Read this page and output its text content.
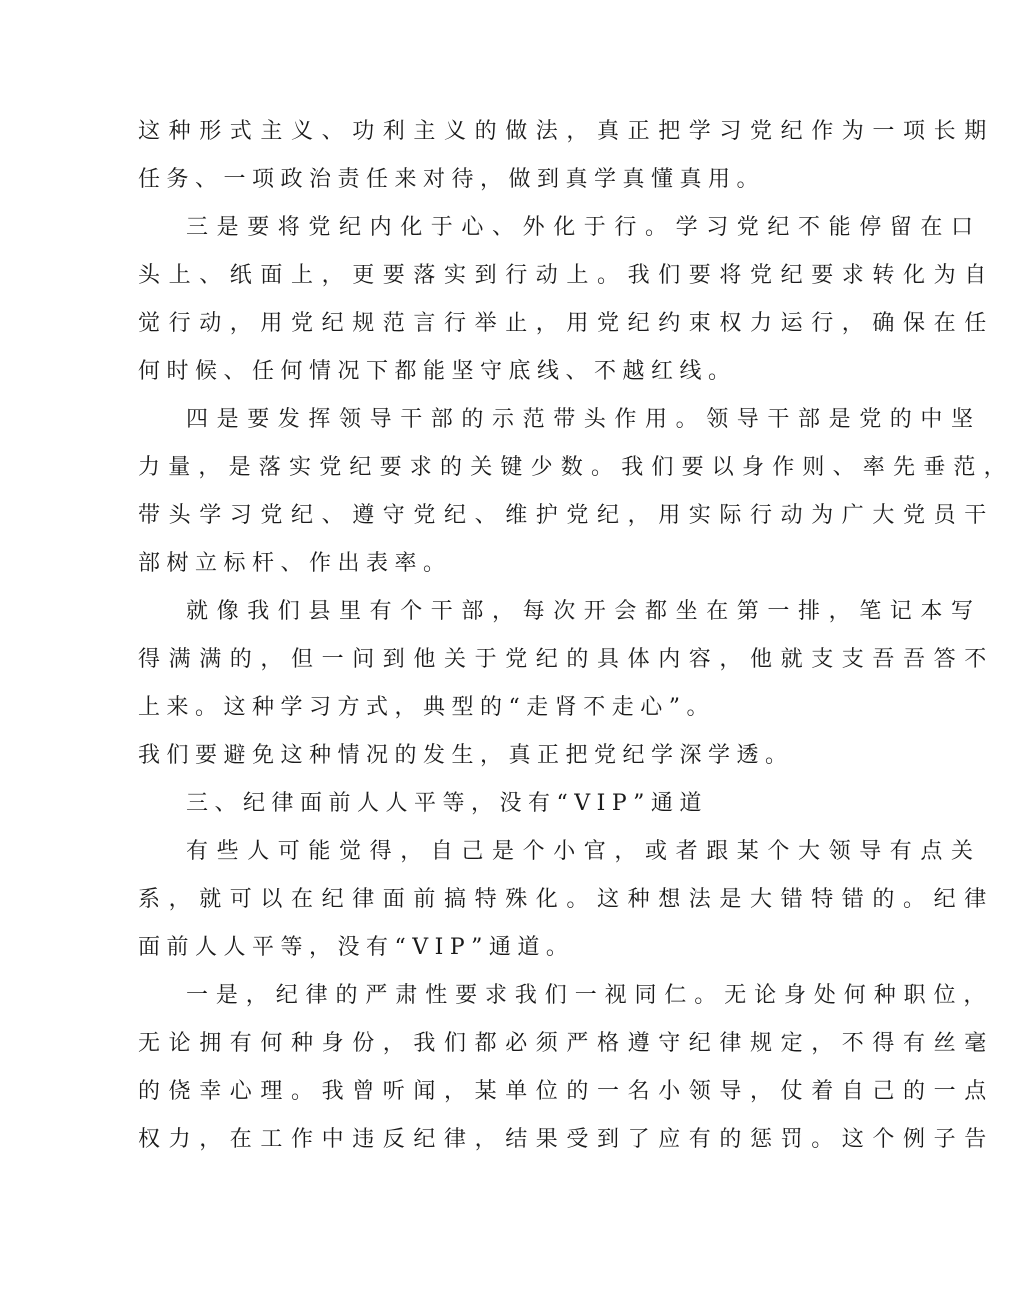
这种形式主义、功利主义的做法，真正把学习党纪作为一项长期

任务、一项政治责任来对待，做到真学真懂真用。

三是要将党纪内化于心、外化于行。学习党纪不能停留在口

头上、纸面上，更要落实到行动上。我们要将党纪要求转化为自

觉行动，用党纪规范言行举止，用党纪约束权力运行，确保在任

何时候、任何情况下都能坚守底线、不越红线。

四是要发挥领导干部的示范带头作用。领导干部是党的中坚

力量，是落实党纪要求的关键少数。我们要以身作则、率先垂范，

带头学习党纪、遵守党纪、维护党纪，用实际行动为广大党员干

部树立标杆、作出表率。

就像我们县里有个干部，每次开会都坐在第一排，笔记本写

得满满的，但一问到他关于党纪的具体内容，他就支支吾吾答不

上来。这种学习方式，典型的“走肾不走心”。

我们要避免这种情况的发生，真正把党纪学深学透。

三、纪律面前人人平等，没有“VIP”通道

有些人可能觉得，自己是个小官，或者跟某个大领导有点关

系，就可以在纪律面前搞特殊化。这种想法是大错特错的。纪律

面前人人平等，没有“VIP”通道。

一是，纪律的严肃性要求我们一视同仁。无论身处何种职位，

无论拥有何种身份，我们都必须严格遵守纪律规定，不得有丝毫

的侥幸心理。我曾听闻，某单位的一名小领导，仗着自己的一点

权力，在工作中违反纪律，结果受到了应有的惩罚。这个例子告
